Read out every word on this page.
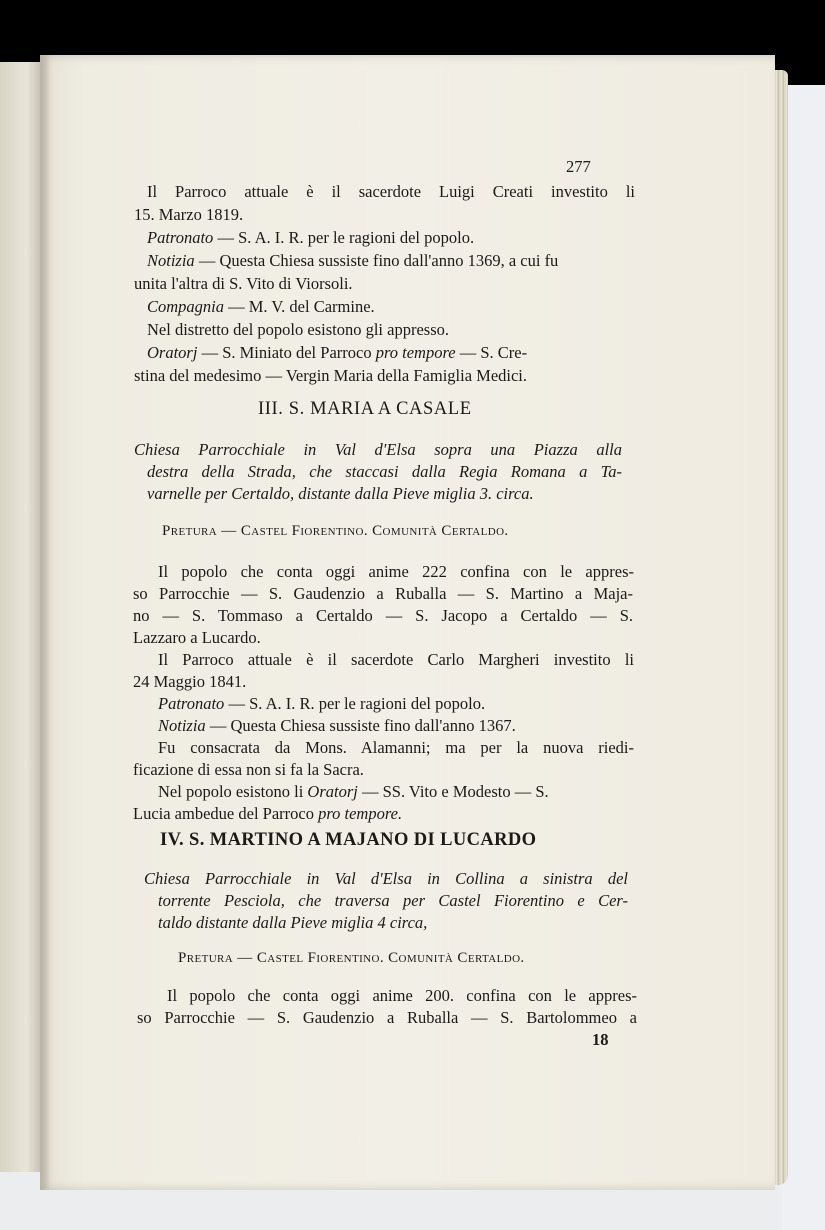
277
Il Parroco attuale è il sacerdote Luigi Creati investito li
15. Marzo 1819.
Patronato — S. A. I. R. per le ragioni del popolo.
Notizia — Questa Chiesa sussiste fino dall'anno 1369, a cui fu
unita l'altra di S. Vito di Viorsoli.
Compagnia — M. V. del Carmine.
Nel distretto del popolo esistono gli appresso.
Oratorj — S. Miniato del Parroco pro tempore — S. Cre-
stina del medesimo — Vergin Maria della Famiglia Medici.
III. S. MARIA A CASALE
Chiesa Parrocchiale in Val d'Elsa sopra una Piazza alla
destra della Strada, che staccasi dalla Regia Romana a Ta-
varnelle per Certaldo, distante dalla Pieve miglia 3. circa.
Pretura — Castel Fiorentino. Comunità Certaldo.
Il popolo che conta oggi anime 222 confina con le appres-
so Parrocchie — S. Gaudenzio a Ruballa — S. Martino a Maja-
no — S. Tommaso a Certaldo — S. Jacopo a Certaldo — S.
Lazzaro a Lucardo.
Il Parroco attuale è il sacerdote Carlo Margheri investito li
24 Maggio 1841.
Patronato — S. A. I. R. per le ragioni del popolo.
Notizia — Questa Chiesa sussiste fino dall'anno 1367.
Fu consacrata da Mons. Alamanni; ma per la nuova riedi-
ficazione di essa non si fa la Sacra.
Nel popolo esistono li Oratorj — SS. Vito e Modesto — S.
Lucia ambedue del Parroco pro tempore.
IV. S. MARTINO A MAJANO DI LUCARDO
Chiesa Parrocchiale in Val d'Elsa in Collina a sinistra del
torrente Pesciola, che traversa per Castel Fiorentino e Cer-
taldo distante dalla Pieve miglia 4 circa,
Pretura — Castel Fiorentino. Comunità Certaldo.
Il popolo che conta oggi anime 200. confina con le appres-
so Parrocchie — S. Gaudenzio a Ruballa — S. Bartolommeo a
18
